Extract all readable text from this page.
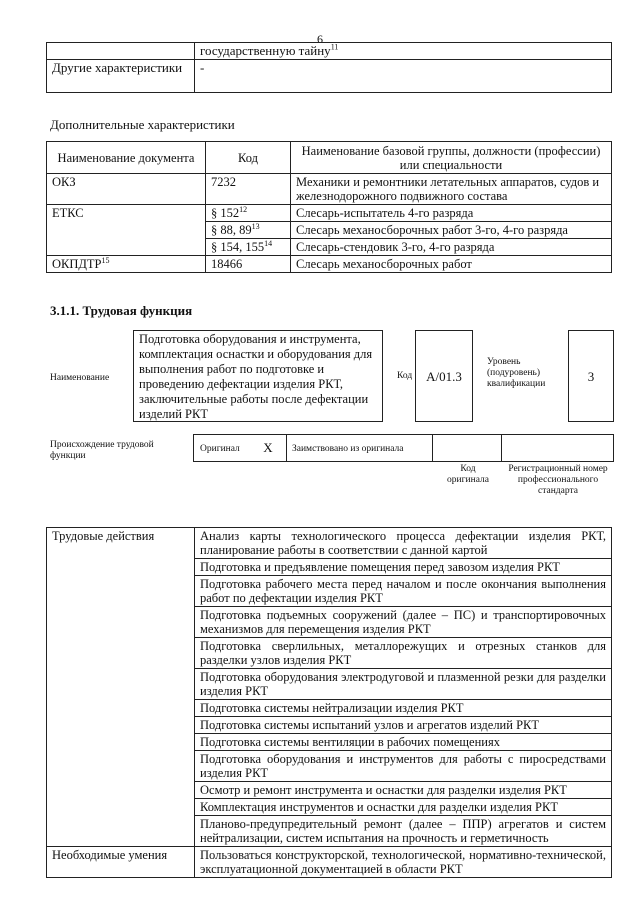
6
	государственную тайну$^{11}$
Другие характеристики	-
Дополнительные характеристики
Наименование документа	Код	Наименование базовой группы, должности (профессии) или специальности
ОКЗ	7232	Механики и ремонтники летательных аппаратов, судов и железнодорожного подвижного состава
ЕТКС	§ $152^{12}$	Слесарь-испытатель 4-го разряда
	§ 88, $89^{13}$	Слесарь механосборочных работ 3-го, 4-го разряда
	§ 154, $155^{14}$	Слесарь-стендовик 3-го, 4-го разряда
ОКПДТР$^{15}$	18466	Слесарь механосборочных работ
3.1.1. Трудовая функция
Наименование
Подготовка оборудования и инструмента, комплектация оснастки и оборудования для выполнения работ по подготовке и проведению дефектации изделия РКТ, заключительные работы после дефектации изделий РКТ
Код	А/01.3
Уровень (подуровень) квалификации	3
Происхождение трудовой функции
Оригинал	X	Заимствовано из оригинала
Код оригинала
Регистрационный номер профессионального стандарта
Трудовые действия	Анализ карты технологического процесса дефектации изделия РКТ, планирование работы в соответствии с данной картой
	Подготовка и предъявление помещения перед завозом изделия РКТ
	Подготовка рабочего места перед началом и после окончания выполнения работ по дефектации изделия РКТ
	Подготовка подъемных сооружений (далее – ПС) и транспортировочных механизмов для перемещения изделия РКТ
	Подготовка сверлильных, металлорежущих и отрезных станков для разделки узлов изделия РКТ
	Подготовка оборудования электродуговой и плазменной резки для разделки изделия РКТ
	Подготовка системы нейтрализации изделия РКТ
	Подготовка системы испытаний узлов и агрегатов изделий РКТ
	Подготовка системы вентиляции в рабочих помещениях
	Подготовка оборудования и инструментов для работы с пиросредствами изделия РКТ
	Осмотр и ремонт инструмента и оснастки для разделки изделия РКТ
	Комплектация инструментов и оснастки для разделки изделия РКТ
	Планово-предупредительный ремонт (далее – ППР) агрегатов и систем нейтрализации, систем испытания на прочность и герметичность
Необходимые умения	Пользоваться конструкторской, технологической, нормативно-технической, эксплуатационной документацией в области РКТ
